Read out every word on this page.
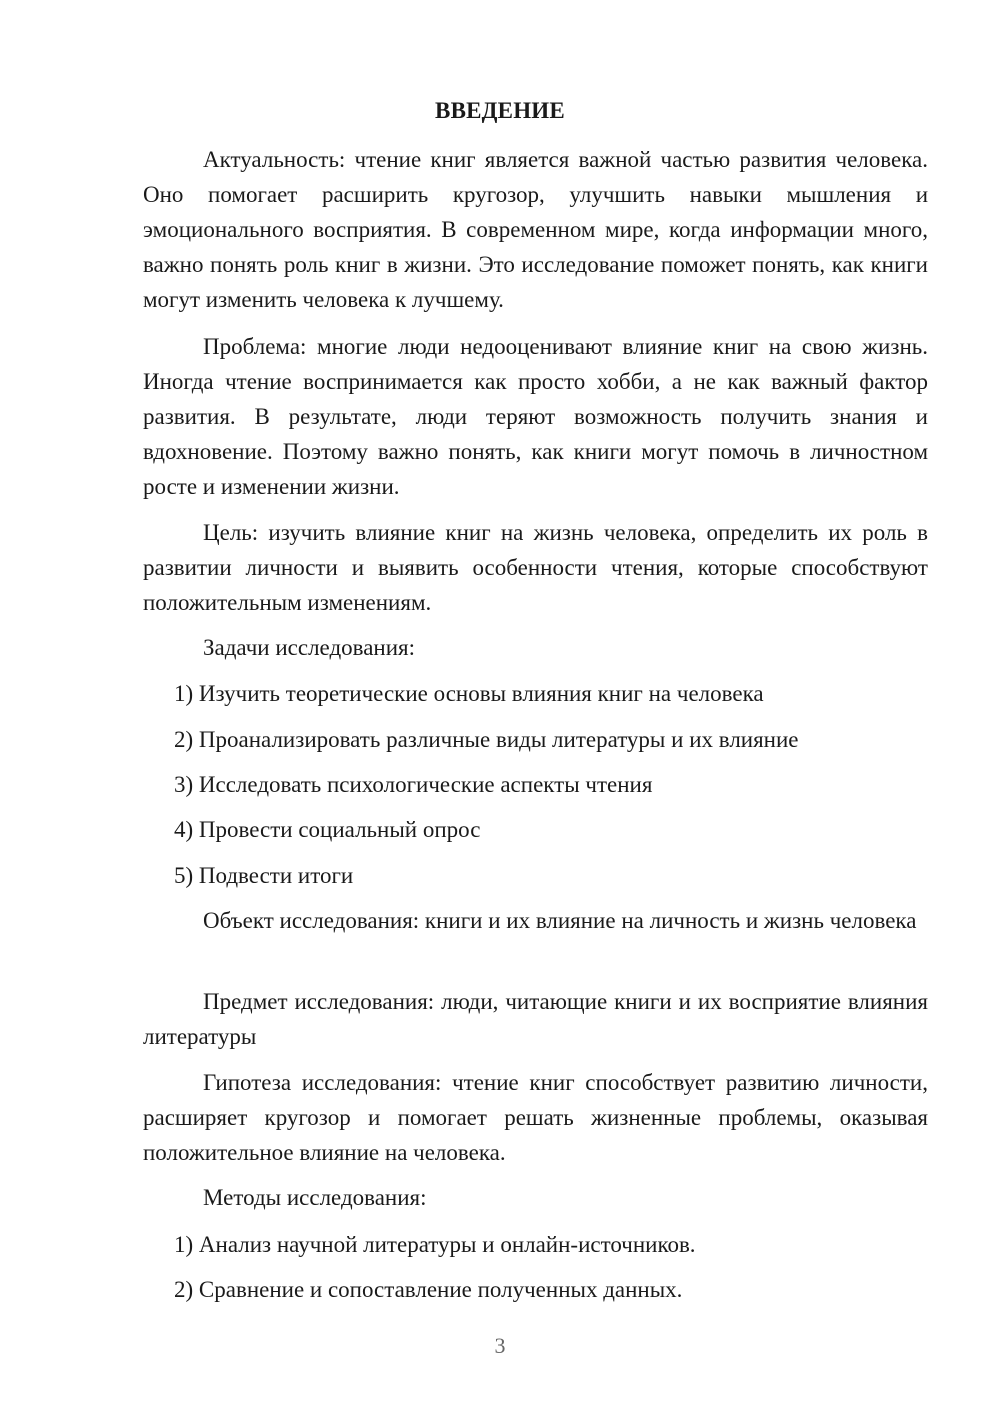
ВВЕДЕНИЕ

Актуальность: чтение книг является важной частью развития человека. Оно помогает расширить кругозор, улучшить навыки мышления и эмоционального восприятия. В современном мире, когда информации много, важно понять роль книг в жизни. Это исследование поможет понять, как книги могут изменить человека к лучшему.

Проблема: многие люди недооценивают влияние книг на свою жизнь. Иногда чтение воспринимается как просто хобби, а не как важный фактор развития. В результате, люди теряют возможность получить знания и вдохновение. Поэтому важно понять, как книги могут помочь в личностном росте и изменении жизни.

Цель: изучить влияние книг на жизнь человека, определить их роль в развитии личности и выявить особенности чтения, которые способствуют положительным изменениям.

Задачи исследования:

1) Изучить теоретические основы влияния книг на человека

2) Проанализировать различные виды литературы и их влияние

3) Исследовать психологические аспекты чтения

4) Провести социальный опрос

5) Подвести итоги

Объект исследования: книги и их влияние на личность и жизнь человека

Предмет исследования: люди, читающие книги и их восприятие влияния литературы

Гипотеза исследования: чтение книг способствует развитию личности, расширяет кругозор и помогает решать жизненные проблемы, оказывая положительное влияние на человека.

Методы исследования:

1) Анализ научной литературы и онлайн-источников.

2) Сравнение и сопоставление полученных данных.

3
